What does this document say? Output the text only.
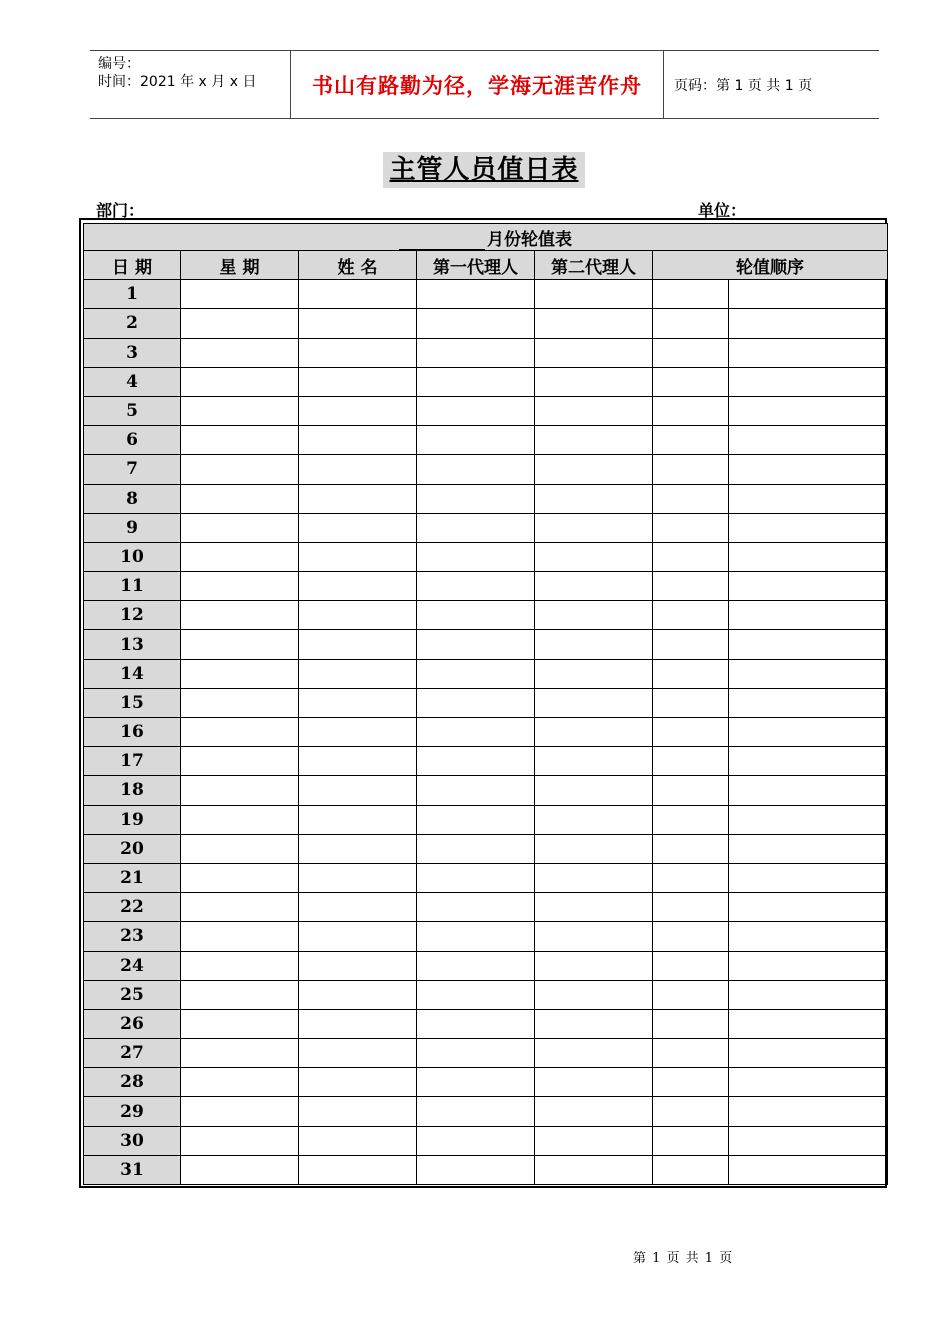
编号：
时间：2021 年 x 月 x 日	书山有路勤为径，学海无涯苦作舟	页码：第 1 页 共 1 页
主管人员值日表
部门：	单位：
月份轮值表						
日 期	星 期	姓 名	第一代理人	第二代理人	轮值顺序	
1						
2						
3						
4						
5						
6						
7						
8						
9						
10						
11						
12						
13						
14						
15						
16						
17						
18						
19						
20						
21						
22						
23						
24						
25						
26						
27						
28						
29						
30						
31						
第 1 页 共 1 页
